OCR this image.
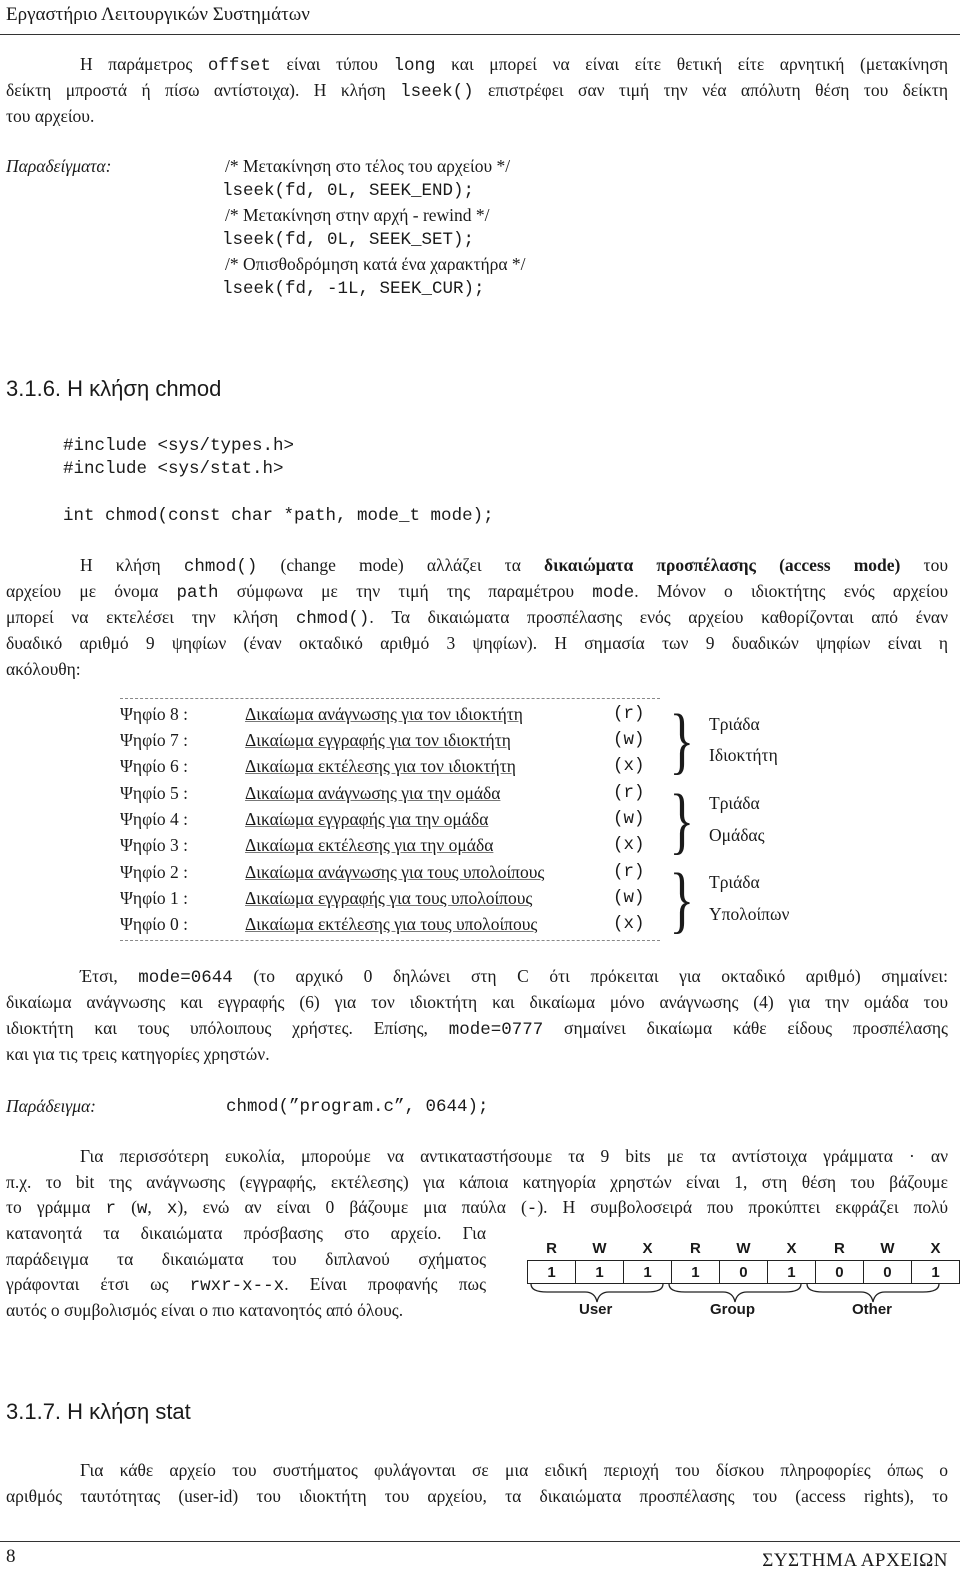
Εργαστήριο Λειτουργικών Συστημάτων
Η παράμετρος offset είναι τύπου long και μπορεί να είναι είτε θετική είτε αρνητική (μετακίνηση
δείκτη μπροστά ή πίσω αντίστοιχα). Η κλήση lseek() επιστρέφει σαν τιμή την νέα απόλυτη θέση του δείκτη
του αρχείου.
Παραδείγματα:	/* Μετακίνηση στο τέλος του αρχείου */
lseek(fd, 0L, SEEK_END);
/* Μετακίνηση στην αρχή - rewind */
lseek(fd, 0L, SEEK_SET);
/* Οπισθοδρόμηση κατά ένα χαρακτήρα */
lseek(fd, -1L, SEEK_CUR);
3.1.6. Η κλήση chmod
#include <sys/types.h>
#include <sys/stat.h>
int chmod(const char *path, mode_t mode);
Η κλήση chmod() (change mode) αλλάζει τα δικαιώματα προσπέλασης (access mode) του
αρχείου με όνομα path σύμφωνα με την τιμή της παραμέτρου mode. Μόνον ο ιδιοκτήτης ενός αρχείου
μπορεί να εκτελέσει την κλήση chmod(). Τα δικαιώματα προσπέλασης ενός αρχείου καθορίζονται από έναν
δυαδικό αριθμό 9 ψηφίων (έναν οκταδικό αριθμό 3 ψηφίων). Η σημασία των 9 δυαδικών ψηφίων είναι η
ακόλουθη:
Ψηφίο 8 :	Δικαίωμα ανάγνωσης για τον ιδιοκτήτη	(r)
Ψηφίο 7 :	Δικαίωμα εγγραφής για τον ιδιοκτήτη	(w)
Ψηφίο 6 :	Δικαίωμα εκτέλεσης για τον ιδιοκτήτη	(x)
Ψηφίο 5 :	Δικαίωμα ανάγνωσης για την ομάδα	(r)
Ψηφίο 4 :	Δικαίωμα εγγραφής για την ομάδα	(w)
Ψηφίο 3 :	Δικαίωμα εκτέλεσης για την ομάδα	(x)
Ψηφίο 2 :	Δικαίωμα ανάγνωσης για τους υπολοίπους	(r)
Ψηφίο 1 :	Δικαίωμα εγγραφής για τους υπολοίπους	(w)
Ψηφίο 0 :	Δικαίωμα εκτέλεσης για τους υπολοίπους	(x)
} Τριάδα
Ιδιοκτήτη
} Τριάδα
Ομάδας
} Τριάδα
Υπολοίπων
Έτσι, mode=0644 (το αρχικό 0 δηλώνει στη C ότι πρόκειται για οκταδικό αριθμό) σημαίνει:
δικαίωμα ανάγνωσης και εγγραφής (6) για τον ιδιοκτήτη και δικαίωμα μόνο ανάγνωσης (4) για την ομάδα του
ιδιοκτήτη και τους υπόλοιπους χρήστες. Επίσης, mode=0777 σημαίνει δικαίωμα κάθε είδους προσπέλασης
και για τις τρεις κατηγορίες χρηστών.
Παράδειγμα:	chmod(”program.c”, 0644);
Για περισσότερη ευκολία, μπορούμε να αντικαταστήσουμε τα 9 bits με τα αντίστοιχα γράμματα · αν
π.χ. το bit της ανάγνωσης (εγγραφής, εκτέλεσης) για κάποια κατηγορία χρηστών είναι 1, στη θέση του βάζουμε
το γράμμα r (w, x), ενώ αν είναι 0 βάζουμε μια παύλα (-). Η συμβολοσειρά που προκύπτει εκφράζει πολύ
κατανοητά τα δικαιώματα πρόσβασης στο αρχείο. Για
παράδειγμα τα δικαιώματα του διπλανού σχήματος
γράφονται έτσι ως rwxr-x--x. Είναι προφανής πως
αυτός ο συμβολισμός είναι ο πιο κατανοητός από όλους.
R	W	X	R	W	X	R	W	X
1	1	1	1	0	1	0	0	1
User	Group	Other
3.1.7. Η κλήση stat
Για κάθε αρχείο του συστήματος φυλάγονται σε μια ειδική περιοχή του δίσκου πληροφορίες όπως ο
αριθμός ταυτότητας (user-id) του ιδιοκτήτη του αρχείου, τα δικαιώματα προσπέλασης του (access rights), το
8	ΣΥΣΤΗΜΑ ΑΡΧΕΙΩΝ
